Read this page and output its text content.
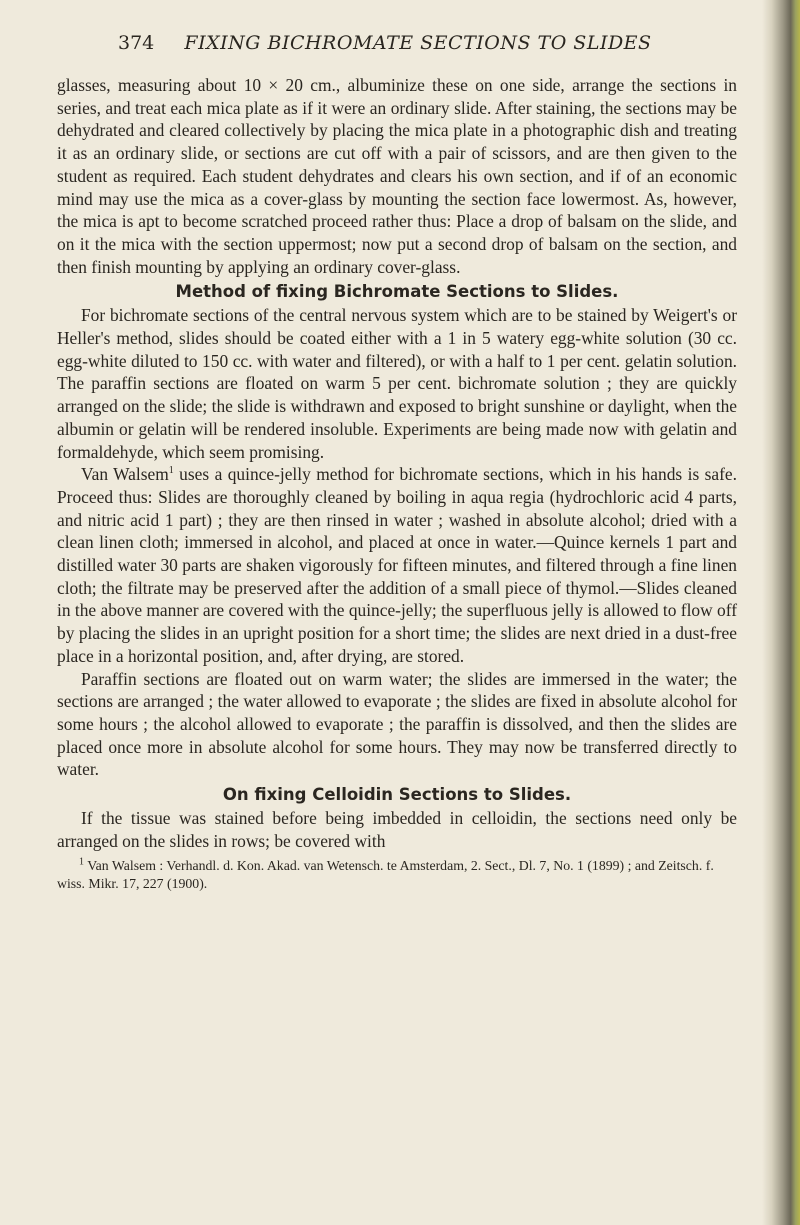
374	FIXING BICHROMATE SECTIONS TO SLIDES

glasses, measuring about 10 × 20 cm., albuminize these on one side, arrange the sections in series, and treat each mica plate as if it were an ordinary slide. After staining, the sections may be dehydrated and cleared collectively by placing the mica plate in a photographic dish and treating it as an ordinary slide, or sections are cut off with a pair of scissors, and are then given to the student as required. Each student dehydrates and clears his own section, and if of an economic mind may use the mica as a cover-glass by mounting the section face lowermost. As, however, the mica is apt to become scratched proceed rather thus: Place a drop of balsam on the slide, and on it the mica with the section uppermost; now put a second drop of balsam on the section, and then finish mounting by applying an ordinary cover-glass.

Method of fixing Bichromate Sections to Slides.

For bichromate sections of the central nervous system which are to be stained by Weigert's or Heller's method, slides should be coated either with a 1 in 5 watery egg-white solution (30 cc. egg-white diluted to 150 cc. with water and filtered), or with a half to 1 per cent. gelatin solution. The paraffin sections are floated on warm 5 per cent. bichromate solution ; they are quickly arranged on the slide; the slide is withdrawn and exposed to bright sunshine or daylight, when the albumin or gelatin will be rendered insoluble. Experiments are being made now with gelatin and formaldehyde, which seem promising.

Van Walsem$^1$ uses a quince-jelly method for bichromate sections, which in his hands is safe. Proceed thus: Slides are thoroughly cleaned by boiling in aqua regia (hydrochloric acid 4 parts, and nitric acid 1 part) ; they are then rinsed in water ; washed in absolute alcohol; dried with a clean linen cloth; immersed in alcohol, and placed at once in water.—Quince kernels 1 part and distilled water 30 parts are shaken vigorously for fifteen minutes, and filtered through a fine linen cloth; the filtrate may be preserved after the addition of a small piece of thymol.—Slides cleaned in the above manner are covered with the quince-jelly; the superfluous jelly is allowed to flow off by placing the slides in an upright position for a short time; the slides are next dried in a dust-free place in a horizontal position, and, after drying, are stored.

Paraffin sections are floated out on warm water; the slides are immersed in the water; the sections are arranged ; the water allowed to evaporate ; the slides are fixed in absolute alcohol for some hours ; the alcohol allowed to evaporate ; the paraffin is dissolved, and then the slides are placed once more in absolute alcohol for some hours. They may now be transferred directly to water.

On fixing Celloidin Sections to Slides.

If the tissue was stained before being imbedded in celloidin, the sections need only be arranged on the slides in rows; be covered with

$^1$ Van Walsem : Verhandl. d. Kon. Akad. van Wetensch. te Amsterdam, 2. Sect., Dl. 7, No. 1 (1899) ; and Zeitsch. f. wiss. Mikr. 17, 227 (1900).
